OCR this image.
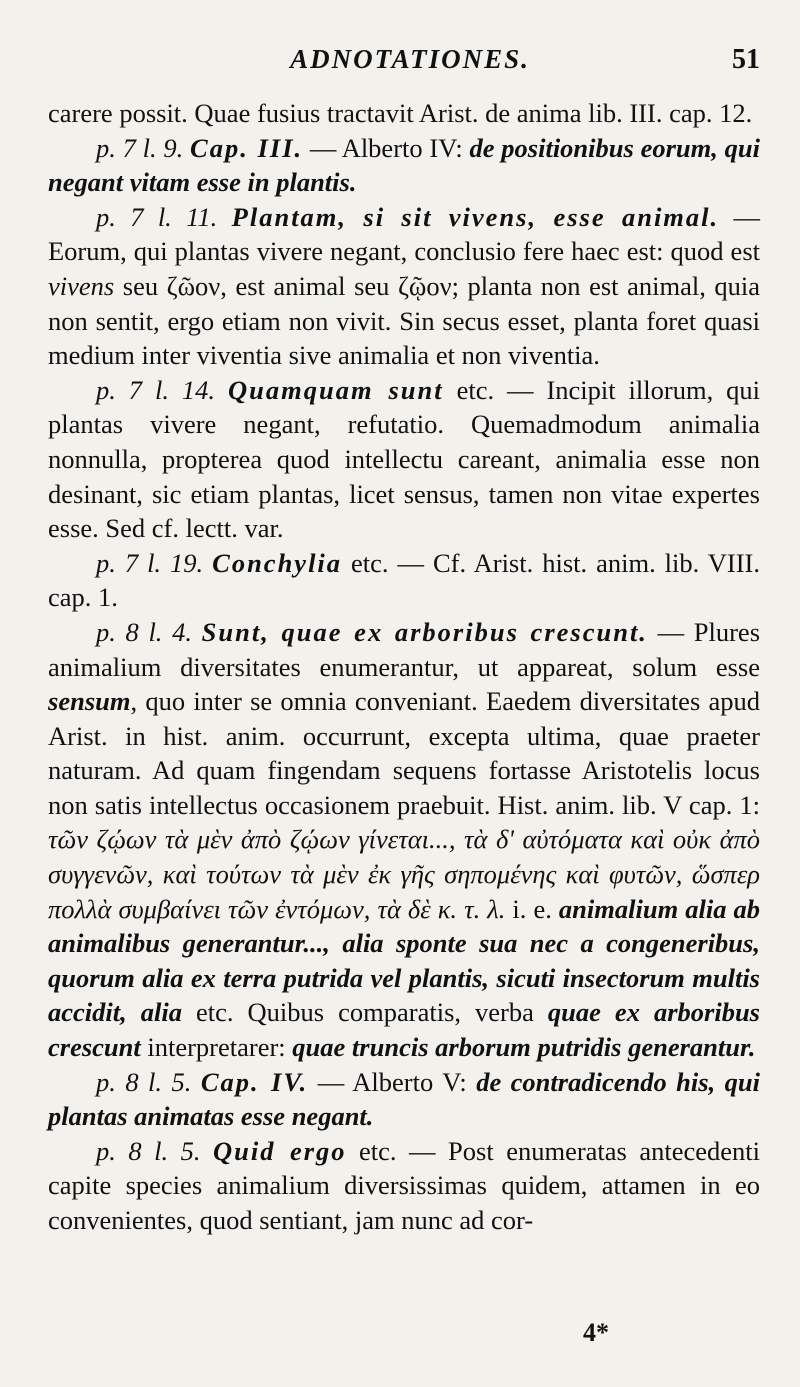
ADNOTATIONES.	51

carere possit. Quae fusius tractavit Arist. de anima lib. III. cap. 12.

p. 7 l. 9. Cap. III. — Alberto IV: de positionibus eorum, qui negant vitam esse in plantis.

p. 7 l. 11. Plantam, si sit vivens, esse animal. — Eorum, qui plantas vivere negant, conclusio fere haec est: quod est vivens seu ζῶον, est animal seu ζῷον; planta non est animal, quia non sentit, ergo etiam non vivit. Sin secus esset, planta foret quasi medium inter viventia sive animalia et non viventia.

p. 7 l. 14. Quamquam sunt etc. — Incipit illorum, qui plantas vivere negant, refutatio. Quemadmodum animalia nonnulla, propterea quod intellectu careant, animalia esse non desinant, sic etiam plantas, licet sensus, tamen non vitae expertes esse. Sed cf. lectt. var.

p. 7 l. 19. Conchylia etc. — Cf. Arist. hist. anim. lib. VIII. cap. 1.

p. 8 l. 4. Sunt, quae ex arboribus crescunt. — Plures animalium diversitates enumerantur, ut appareat, solum esse sensum, quo inter se omnia conveniant. Eaedem diversitates apud Arist. in hist. anim. occurrunt, excepta ultima, quae praeter naturam. Ad quam fingendam sequens fortasse Aristotelis locus non satis intellectus occasionem praebuit. Hist. anim. lib. V cap. 1: τῶν ζῴων τὰ μὲν ἀπὸ ζῴων γίνεται..., τὰ δ' αὐτόματα καὶ οὐκ ἀπὸ συγγενῶν, καὶ τούτων τὰ μὲν ἐκ γῆς σηπομένης καὶ φυτῶν, ὥσπερ πολλὰ συμβαίνει τῶν ἐντόμων, τὰ δὲ κ. τ. λ. i. e. animalium alia ab animalibus generantur..., alia sponte sua nec a congeneribus, quorum alia ex terra putrida vel plantis, sicuti insectorum multis accidit, alia etc. Quibus comparatis, verba quae ex arboribus crescunt interpretarer: quae truncis arborum putridis generantur.

p. 8 l. 5. Cap. IV. — Alberto V: de contradicendo his, qui plantas animatas esse negant.

p. 8 l. 5. Quid ergo etc. — Post enumeratas antecedenti capite species animalium diversissimas quidem, attamen in eo convenientes, quod sentiant, jam nunc ad cor-

4*
